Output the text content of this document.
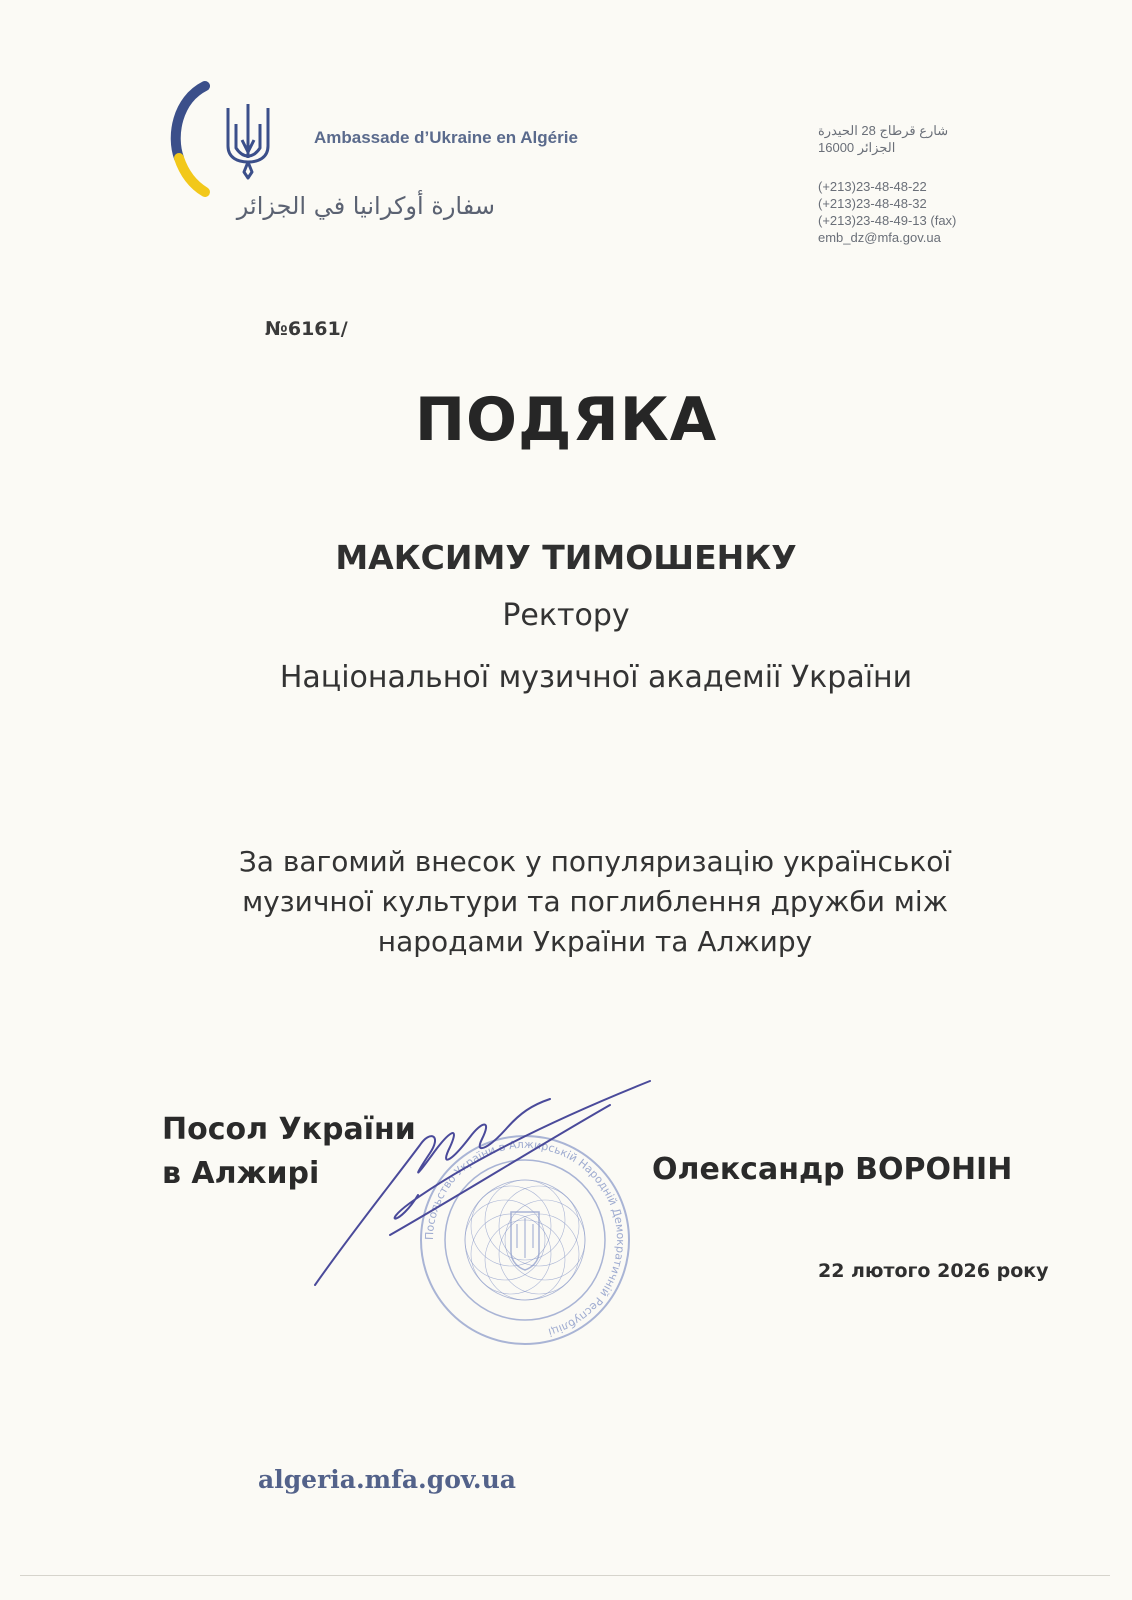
Ambassade d’Ukraine en Algérie
سفارة أوكرانيا في الجزائر
شارع قرطاج 28 الحيدرة
الجزائر 16000
(+213)23-48-48-22
(+213)23-48-48-32
(+213)23-48-49-13 (fax)
emb_dz@mfa.gov.ua
№6161/
ПОДЯКА
МАКСИМУ ТИМОШЕНКУ
Ректору
Національної музичної академії України
За вагомий внесок у популяризацію української
музичної культури та поглиблення дружби між
народами України та Алжиру
Посольство України в Алжирській Народній Демократичній Республіці
Посол України
в Алжирі	Олександр ВОРОНІН
22 лютого 2026 року
algeria.mfa.gov.ua
